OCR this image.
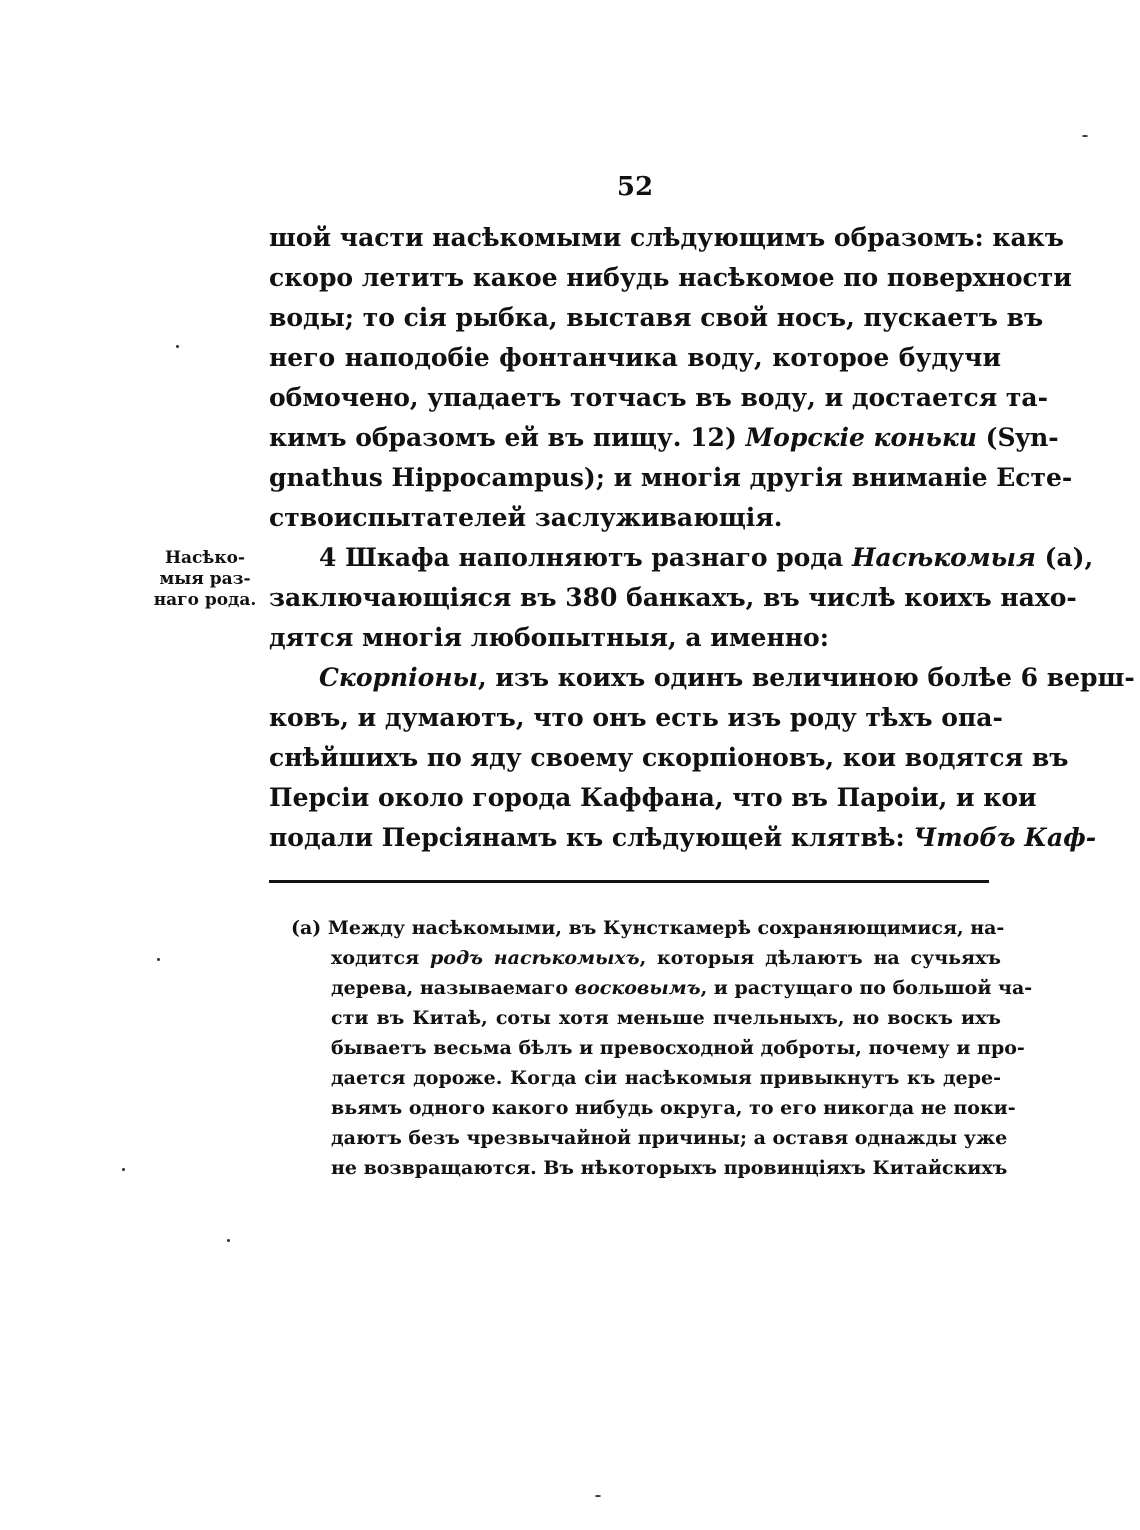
52
Насѣко-
мыя раз-
наго рода.
шой части насѣкомыми слѣдующимъ образомъ: какъ
скоро летитъ какое нибудь насѣкомое по поверхности
воды; то сія рыбка, выставя свой носъ, пускаетъ въ
него наподобіе фонтанчика воду, которое будучи
обмочено, упадаетъ тотчасъ въ воду, и достается та-
кимъ образомъ ей въ пищу. 12) Морскіе коньки (Syn-
gnathus Hippocampus); и многія другія вниманіе Есте-
ствоиспытателей заслуживающія.
4 Шкафа наполняютъ разнаго рода Насѣкомыя (а),
заключающіяся въ 380 банкахъ, въ числѣ коихъ нахо-
дятся многія любопытныя, а именно:
Скорпіоны, изъ коихъ одинъ величиною болѣе 6 верш-
ковъ, и думаютъ, что онъ есть изъ роду тѣхъ опа-
снѣйшихъ по яду своему скорпіоновъ, кои водятся въ
Персіи около города Каффана, что въ Пароіи, и кои
подали Персіянамъ къ слѣдующей клятвѣ: Чтобъ Каф-
(а) Между насѣкомыми, въ Кунсткамерѣ сохраняющимися, на-
ходится родъ насѣкомыхъ, которыя дѣлаютъ на сучьяхъ
дерева, называемаго восковымъ, и растущаго по большой ча-
сти въ Китаѣ, соты хотя меньше пчельныхъ, но воскъ ихъ
бываетъ весьма бѣлъ и превосходной доброты, почему и про-
дается дороже. Когда сіи насѣкомыя привыкнутъ къ дере-
вьямъ одного какого нибудь округа, то его никогда не поки-
даютъ безъ чрезвычайной причины; а оставя однажды уже
не возвращаются. Въ нѣкоторыхъ провинціяхъ Китайскихъ
